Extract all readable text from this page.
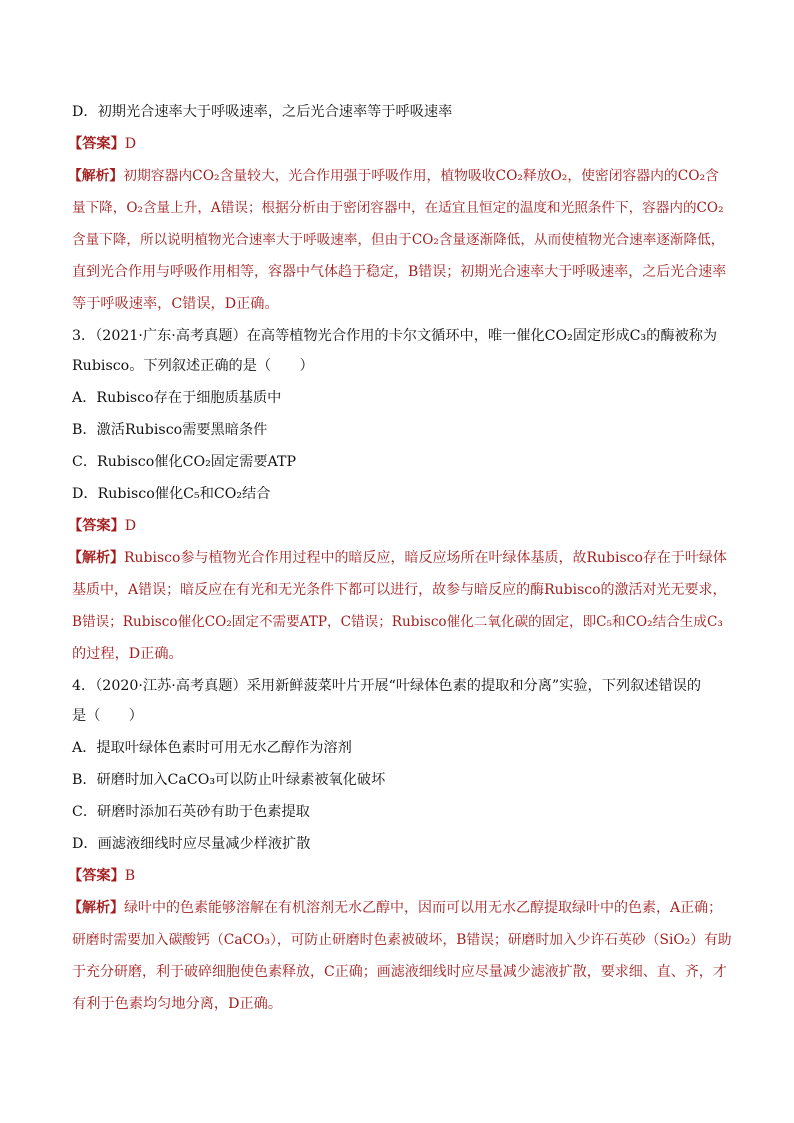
D．初期光合速率大于呼吸速率，之后光合速率等于呼吸速率
【答案】D
【解析】初期容器内CO₂含量较大，光合作用强于呼吸作用，植物吸收CO₂释放O₂，使密闭容器内的CO₂含
量下降，O₂含量上升，A错误；根据分析由于密闭容器中，在适宜且恒定的温度和光照条件下，容器内的CO₂
含量下降，所以说明植物光合速率大于呼吸速率，但由于CO₂含量逐渐降低，从而使植物光合速率逐渐降低，
直到光合作用与呼吸作用相等，容器中气体趋于稳定，B错误；初期光合速率大于呼吸速率，之后光合速率
等于呼吸速率，C错误，D正确。
3．（2021·广东·高考真题）在高等植物光合作用的卡尔文循环中，唯一催化CO₂固定形成C₃的酶被称为
Rubisco。下列叙述正确的是（　　）
A．Rubisco存在于细胞质基质中
B．激活Rubisco需要黑暗条件
C．Rubisco催化CO₂固定需要ATP
D．Rubisco催化C₅和CO₂结合
【答案】D
【解析】Rubisco参与植物光合作用过程中的暗反应，暗反应场所在叶绿体基质，故Rubisco存在于叶绿体
基质中，A错误；暗反应在有光和无光条件下都可以进行，故参与暗反应的酶Rubisco的激活对光无要求，
B错误；Rubisco催化CO₂固定不需要ATP，C错误；Rubisco催化二氧化碳的固定，即C₅和CO₂结合生成C₃
的过程，D正确。
4．（2020·江苏·高考真题）采用新鲜菠菜叶片开展“叶绿体色素的提取和分离”实验，下列叙述错误的
是（　　）
A．提取叶绿体色素时可用无水乙醇作为溶剂
B．研磨时加入CaCO₃可以防止叶绿素被氧化破坏
C．研磨时添加石英砂有助于色素提取
D．画滤液细线时应尽量减少样液扩散
【答案】B
【解析】绿叶中的色素能够溶解在有机溶剂无水乙醇中，因而可以用无水乙醇提取绿叶中的色素，A正确；
研磨时需要加入碳酸钙（CaCO₃），可防止研磨时色素被破坏，B错误；研磨时加入少许石英砂（SiO₂）有助
于充分研磨，利于破碎细胞使色素释放，C正确；画滤液细线时应尽量减少滤液扩散，要求细、直、齐，才
有利于色素均匀地分离，D正确。
